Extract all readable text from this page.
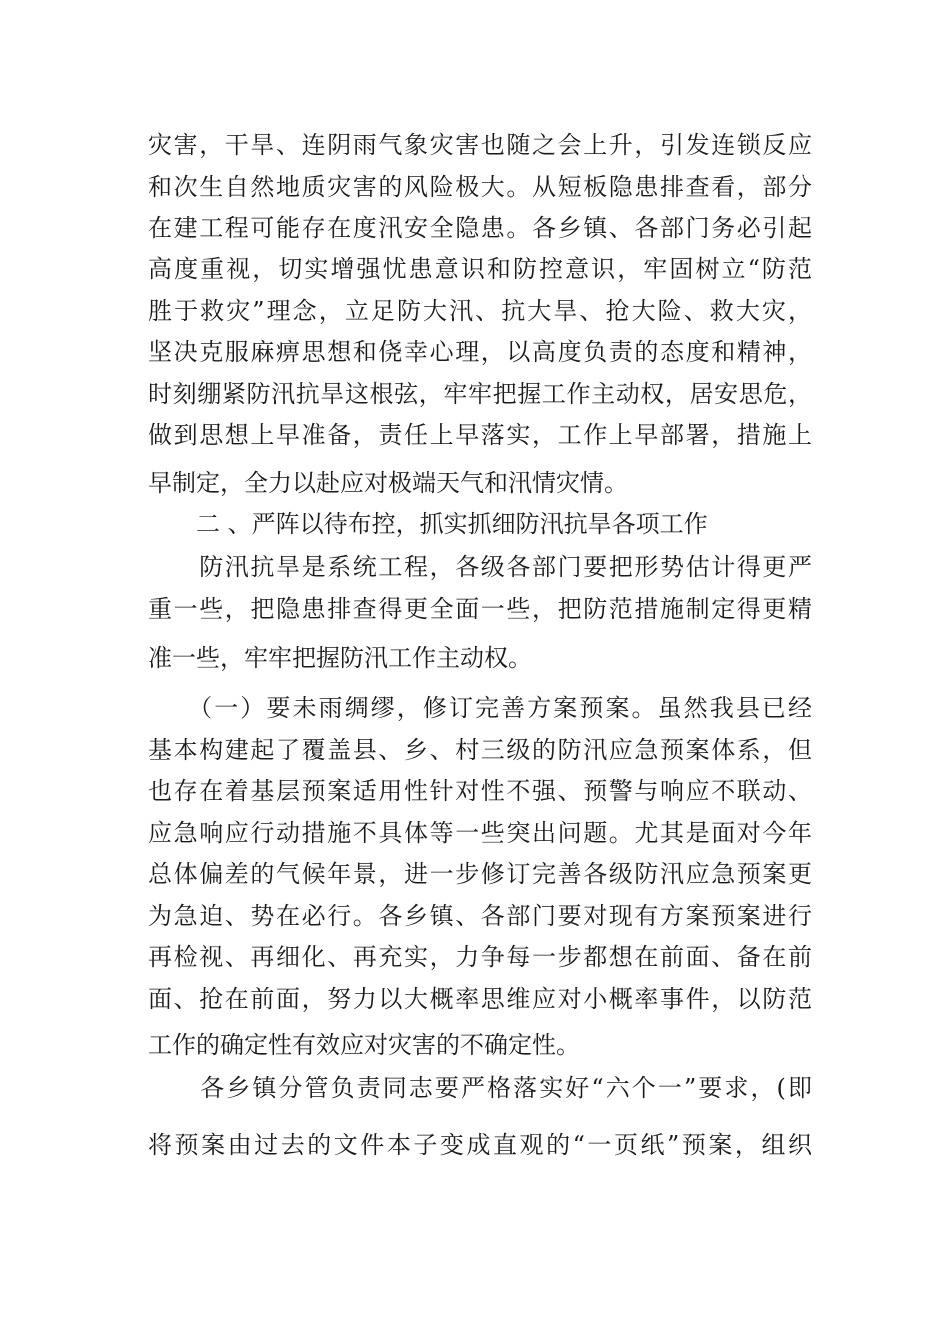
灾害，干旱、连阴雨气象灾害也随之会上升，引发连锁反应

和次生自然地质灾害的风险极大。从短板隐患排查看，部分

在建工程可能存在度汛安全隐患。各乡镇、各部门务必引起

高度重视，切实增强忧患意识和防控意识，牢固树立“防范

胜于救灾”理念，立足防大汛、抗大旱、抢大险、救大灾，

坚决克服麻痹思想和侥幸心理，以高度负责的态度和精神，

时刻绷紧防汛抗旱这根弦，牢牢把握工作主动权，居安思危，

做到思想上早准备，责任上早落实，工作上早部署，措施上

早制定，全力以赴应对极端天气和汛情灾情。

　　二 、严阵以待布控，抓实抓细防汛抗旱各项工作

　　防汛抗旱是系统工程，各级各部门要把形势估计得更严

重一些，把隐患排查得更全面一些，把防范措施制定得更精

准一些，牢牢把握防汛工作主动权。

　　（一）要未雨绸缪，修订完善方案预案。虽然我县已经

基本构建起了覆盖县、乡、村三级的防汛应急预案体系，但

也存在着基层预案适用性针对性不强、预警与响应不联动、

应急响应行动措施不具体等一些突出问题。尤其是面对今年

总体偏差的气候年景，进一步修订完善各级防汛应急预案更

为急迫、势在必行。各乡镇、各部门要对现有方案预案进行

再检视、再细化、再充实，力争每一步都想在前面、备在前

面、抢在前面，努力以大概率思维应对小概率事件，以防范

工作的确定性有效应对灾害的不确定性。

　　各乡镇分管负责同志要严格落实好“六个一”要求，(即

将预案由过去的文件本子变成直观的“一页纸”预案，组织
